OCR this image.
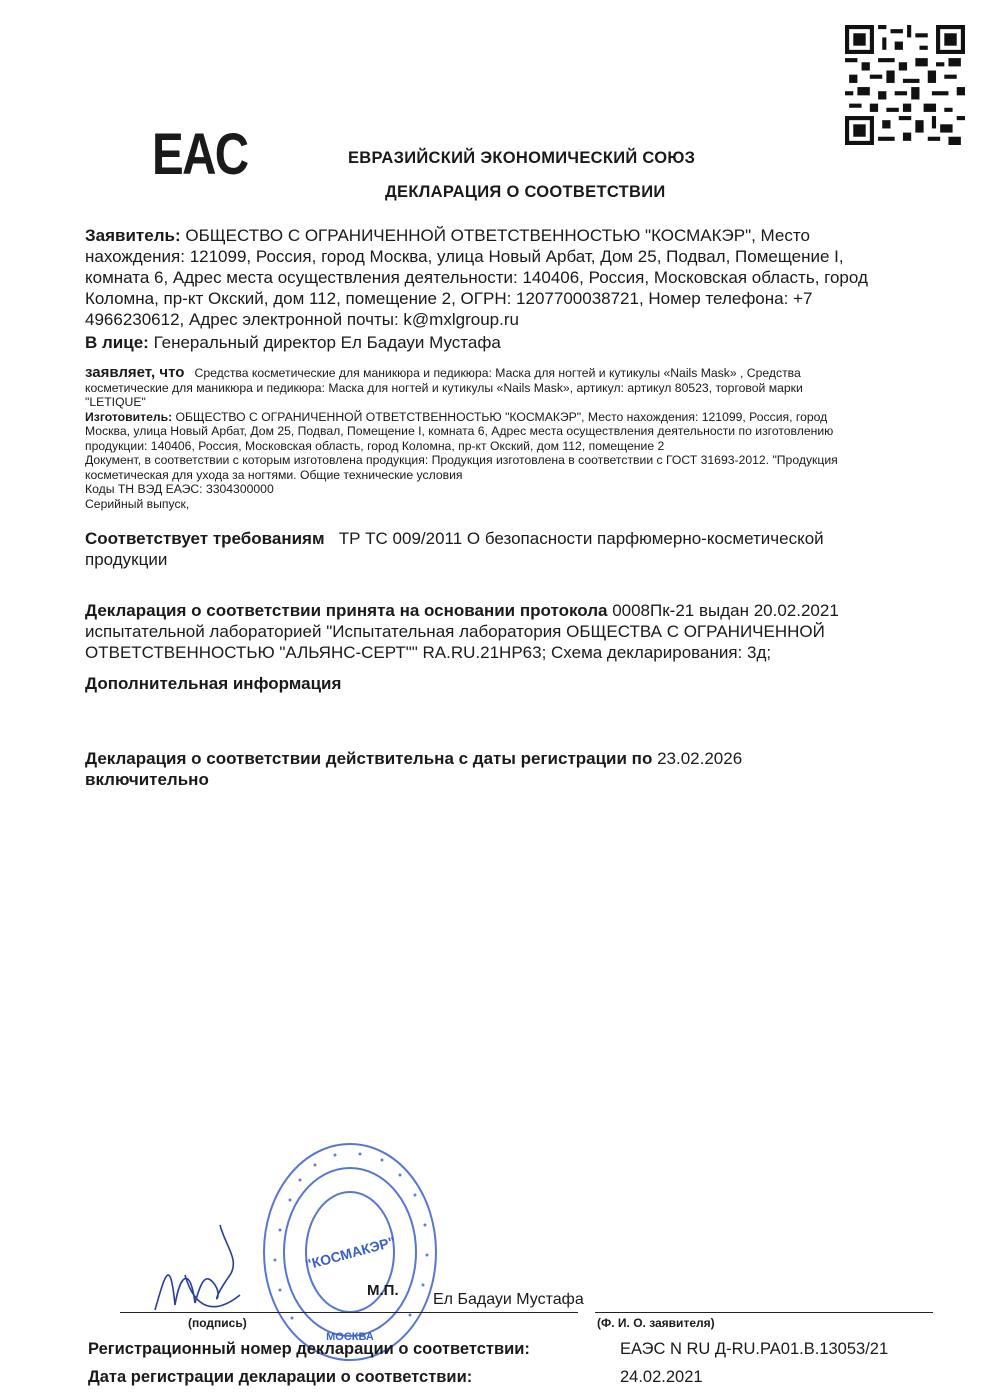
EAC	ЕВРАЗИЙСКИЙ ЭКОНОМИЧЕСКИЙ СОЮЗ
ДЕКЛАРАЦИЯ О СООТВЕТСТВИИ
Заявитель: ОБЩЕСТВО С ОГРАНИЧЕННОЙ ОТВЕТСТВЕННОСТЬЮ "КОСМАКЭР", Место
нахождения: 121099, Россия, город Москва, улица Новый Арбат, Дом 25, Подвал, Помещение I,
комната 6, Адрес места осуществления деятельности: 140406, Россия, Московская область, город
Коломна, пр-кт Окский, дом 112, помещение 2, ОГРН: 1207700038721, Номер телефона: +7
4966230612, Адрес электронной почты: k@mxlgroup.ru
В лице: Генеральный директор Ел Бадауи Мустафа
заявляет, что Средства косметические для маникюра и педикюра: Маска для ногтей и кутикулы «Nails Mask» , Средства
косметические для маникюра и педикюра: Маска для ногтей и кутикулы «Nails Mask», артикул: артикул 80523, торговой марки
"LETIQUE"
Изготовитель: ОБЩЕСТВО С ОГРАНИЧЕННОЙ ОТВЕТСТВЕННОСТЬЮ "КОСМАКЭР", Место нахождения: 121099, Россия, город
Москва, улица Новый Арбат, Дом 25, Подвал, Помещение I, комната 6, Адрес места осуществления деятельности по изготовлению
продукции: 140406, Россия, Московская область, город Коломна, пр-кт Окский, дом 112, помещение 2
Документ, в соответствии с которым изготовлена продукция: Продукция изготовлена в соответствии с ГОСТ 31693-2012. "Продукция
косметическая для ухода за ногтями. Общие технические условия
Коды ТН ВЭД ЕАЭС: 3304300000
Серийный выпуск,
Соответствует требованиям ТР ТС 009/2011 О безопасности парфюмерно-косметической
продукции
Декларация о соответствии принята на основании протокола 0008Пк-21 выдан 20.02.2021
испытательной лабораторией "Испытательная лаборатория ОБЩЕСТВА С ОГРАНИЧЕННОЙ
ОТВЕТСТВЕННОСТЬЮ "АЛЬЯНС-СЕРТ"" RA.RU.21НР63; Схема декларирования: 3д;
Дополнительная информация
Декларация о соответствии действительна с даты регистрации по 23.02.2026
включительно
"КОСМАКЭР"
МОСКВА
М.П.
Ел Бадауи Мустафа
(подпись)	(Ф. И. О. заявителя)
Регистрационный номер декларации о соответствии:	ЕАЭС N RU Д-RU.PA01.B.13053/21
Дата регистрации декларации о соответствии:	24.02.2021
